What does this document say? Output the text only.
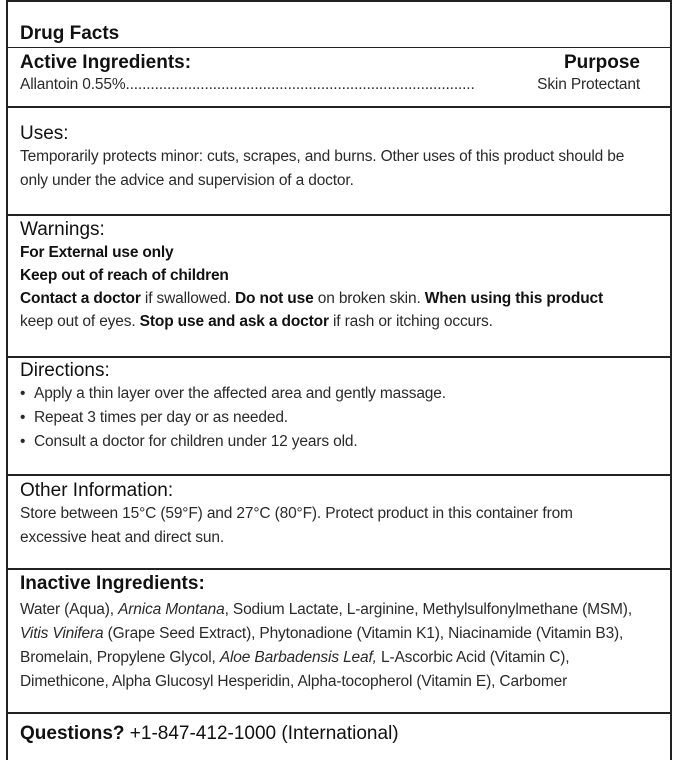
Drug Facts
Active Ingredients:	Purpose
Allantoin 0.55% ....................................................................................	Skin Protectant
Uses:
Temporarily protects minor: cuts, scrapes, and burns. Other uses of this product should be
only under the advice and supervision of a doctor.
Warnings:
For External use only
Keep out of reach of children
Contact a doctor if swallowed. Do not use on broken skin. When using this product
keep out of eyes. Stop use and ask a doctor if rash or itching occurs.
Directions:
• Apply a thin layer over the affected area and gently massage.
• Repeat 3 times per day or as needed.
• Consult a doctor for children under 12 years old.
Other Information:
Store between 15°C (59°F) and 27°C (80°F). Protect product in this container from
excessive heat and direct sun.
Inactive Ingredients:
Water (Aqua), Arnica Montana, Sodium Lactate, L-arginine, Methylsulfonylmethane (MSM),
Vitis Vinifera (Grape Seed Extract), Phytonadione (Vitamin K1), Niacinamide (Vitamin B3),
Bromelain, Propylene Glycol, Aloe Barbadensis Leaf, L-Ascorbic Acid (Vitamin C),
Dimethicone, Alpha Glucosyl Hesperidin, Alpha-tocopherol (Vitamin E), Carbomer
Questions? +1-847-412-1000 (International)
